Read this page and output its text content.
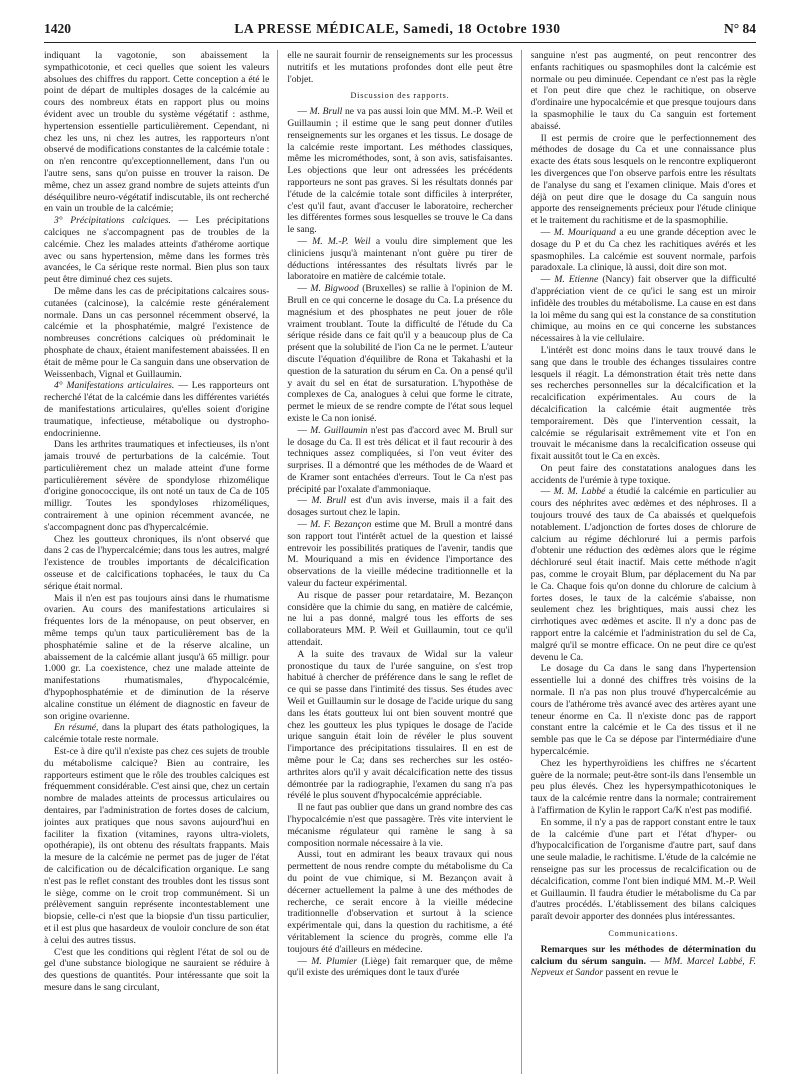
1420	LA PRESSE MÉDICALE, Samedi, 18 Octobre 1930	N° 84

indiquant la vagotonie, son abaissement la sympathicotonie, et ceci quelles que soient les valeurs absolues des chiffres du rapport. Cette conception a été le point de départ de multiples dosages de la calcémie au cours des nombreux états en rapport plus ou moins évident avec un trouble du système végétatif : asthme, hypertension essentielle particulièrement. Cependant, ni chez les uns, ni chez les autres, les rapporteurs n'ont observé de modifications constantes de la calcémie totale : on n'en rencontre qu'exceptionnellement, dans l'un ou l'autre sens, sans qu'on puisse en trouver la raison. De même, chez un assez grand nombre de sujets atteints d'un déséquilibre neuro-végétatif indiscutable, ils ont recherché en vain un trouble de la calcémie;

3° Précipitations calciques. — Les précipitations calciques ne s'accompagnent pas de troubles de la calcémie. Chez les malades atteints d'athérome aortique avec ou sans hypertension, même dans les formes très avancées, le Ca sérique reste normal. Bien plus son taux peut être diminué chez ces sujets.

De même dans les cas de précipitations calcaires sous-cutanées (calcinose), la calcémie reste généralement normale. Dans un cas personnel récemment observé, la calcémie et la phosphatémie, malgré l'existence de nombreuses concrétions calciques où prédominait le phosphate de chaux, étaient manifestement abaissées. Il en était de même pour le Ca sanguin dans une observation de Weissenbach, Vignal et Guillaumin.

4° Manifestations articulaires. — Les rapporteurs ont recherché l'état de la calcémie dans les différentes variétés de manifestations articulaires, qu'elles soient d'origine traumatique, infectieuse, métabolique ou dystropho-endocrinienne.

Dans les arthrites traumatiques et infectieuses, ils n'ont jamais trouvé de perturbations de la calcémie. Tout particulièrement chez un malade atteint d'une forme particulièrement sévère de spondylose rhizomélique d'origine gonococcique, ils ont noté un taux de Ca de 105 milligr. Toutes les spondyloses rhizoméliques, contrairement à une opinion récemment avancée, ne s'accompagnent donc pas d'hypercalcémie.

Chez les goutteux chroniques, ils n'ont observé que dans 2 cas de l'hypercalcémie; dans tous les autres, malgré l'existence de troubles importants de décalcification osseuse et de calcifications tophacées, le taux du Ca sérique était normal.

Mais il n'en est pas toujours ainsi dans le rhumatisme ovarien. Au cours des manifestations articulaires si fréquentes lors de la ménopause, on peut observer, en même temps qu'un taux particulièrement bas de la phosphatémie saline et de la réserve alcaline, un abaissement de la calcémie allant jusqu'à 65 milligr. pour 1.000 gr. La coexistence, chez une malade atteinte de manifestations rhumatismales, d'hypocalcémie, d'hypophosphatémie et de diminution de la réserve alcaline constitue un élément de diagnostic en faveur de son origine ovarienne.

En résumé, dans la plupart des états pathologiques, la calcémie totale reste normale.

Est-ce à dire qu'il n'existe pas chez ces sujets de trouble du métabolisme calcique? Bien au contraire, les rapporteurs estiment que le rôle des troubles calciques est fréquemment considérable. C'est ainsi que, chez un certain nombre de malades atteints de processus articulaires ou dentaires, par l'administration de fortes doses de calcium, jointes aux pratiques que nous savons aujourd'hui en faciliter la fixation (vitamines, rayons ultra-violets, opothérapie), ils ont obtenu des résultats frappants. Mais la mesure de la calcémie ne permet pas de juger de l'état de calcification ou de décalcification organique. Le sang n'est pas le reflet constant des troubles dont les tissus sont le siège, comme on le croit trop communément. Si un prélèvement sanguin représente incontestablement une biopsie, celle-ci n'est que la biopsie d'un tissu particulier, et il est plus que hasardeux de vouloir conclure de son état à celui des autres tissus.

C'est que les conditions qui règlent l'état de sol ou de gel d'une substance biologique ne sauraient se réduire à des questions de quantités. Pour intéressante que soit la mesure dans le sang circulant,

elle ne saurait fournir de renseignements sur les processus nutritifs et les mutations profondes dont elle peut être l'objet.

Discussion des rapports.

— M. Brull ne va pas aussi loin que MM. M.-P. Weil et Guillaumin ; il estime que le sang peut donner d'utiles renseignements sur les organes et les tissus. Le dosage de la calcémie reste important. Les méthodes classiques, même les microméthodes, sont, à son avis, satisfaisantes. Les objections que leur ont adressées les précédents rapporteurs ne sont pas graves. Si les résultats donnés par l'étude de la calcémie totale sont difficiles à interpréter, c'est qu'il faut, avant d'accuser le laboratoire, rechercher les différentes formes sous lesquelles se trouve le Ca dans le sang.

— M. M.-P. Weil a voulu dire simplement que les cliniciens jusqu'à maintenant n'ont guère pu tirer de déductions intéressantes des résultats livrés par le laboratoire en matière de calcémie totale.

— M. Bigwood (Bruxelles) se rallie à l'opinion de M. Brull en ce qui concerne le dosage du Ca. La présence du magnésium et des phosphates ne peut jouer de rôle vraiment troublant. Toute la difficulté de l'étude du Ca sérique réside dans ce fait qu'il y a beaucoup plus de Ca présent que la solubilité de l'ion Ca ne le permet. L'auteur discute l'équation d'équilibre de Rona et Takahashi et la question de la saturation du sérum en Ca. On a pensé qu'il y avait du sel en état de sursaturation. L'hypothèse de complexes de Ca, analogues à celui que forme le citrate, permet le mieux de se rendre compte de l'état sous lequel existe le Ca non ionisé.

— M. Guillaumin n'est pas d'accord avec M. Brull sur le dosage du Ca. Il est très délicat et il faut recourir à des techniques assez compliquées, si l'on veut éviter des surprises. Il a démontré que les méthodes de de Waard et de Kramer sont entachées d'erreurs. Tout le Ca n'est pas précipité par l'oxalate d'ammoniaque.

— M. Brull est d'un avis inverse, mais il a fait des dosages surtout chez le lapin.

— M. F. Bezançon estime que M. Brull a montré dans son rapport tout l'intérêt actuel de la question et laissé entrevoir les possibilités pratiques de l'avenir, tandis que M. Mouriquand a mis en évidence l'importance des observations de la vieille médecine traditionnelle et la valeur du facteur expérimental.

Au risque de passer pour retardataire, M. Bezançon considère que la chimie du sang, en matière de calcémie, ne lui a pas donné, malgré tous les efforts de ses collaborateurs MM. P. Weil et Guillaumin, tout ce qu'il attendait.

A la suite des travaux de Widal sur la valeur pronostique du taux de l'urée sanguine, on s'est trop habitué à chercher de préférence dans le sang le reflet de ce qui se passe dans l'intimité des tissus. Ses études avec Weil et Guillaumin sur le dosage de l'acide urique du sang dans les états goutteux lui ont bien souvent montré que chez les goutteux les plus typiques le dosage de l'acide urique sanguin était loin de révéler le plus souvent l'importance des précipitations tissulaires. Il en est de même pour le Ca; dans ses recherches sur les ostéo-arthrites alors qu'il y avait décalcification nette des tissus démontrée par la radiographie, l'examen du sang n'a pas révélé le plus souvent d'hypocalcémie appréciable.

Il ne faut pas oublier que dans un grand nombre des cas l'hypocalcémie n'est que passagère. Très vite intervient le mécanisme régulateur qui ramène le sang à sa composition normale nécessaire à la vie.

Aussi, tout en admirant les beaux travaux qui nous permettent de nous rendre compte du métabolisme du Ca du point de vue chimique, si M. Bezançon avait à décerner actuellement la palme à une des méthodes de recherche, ce serait encore à la vieille médecine traditionnelle d'observation et surtout à la science expérimentale qui, dans la question du rachitisme, a été véritablement la science du progrès, comme elle l'a toujours été d'ailleurs en médecine.

— M. Plumier (Liège) fait remarquer que, de même qu'il existe des urémiques dont le taux d'urée

sanguine n'est pas augmenté, on peut rencontrer des enfants rachitiques ou spasmophiles dont la calcémie est normale ou peu diminuée. Cependant ce n'est pas la règle et l'on peut dire que chez le rachitique, on observe d'ordinaire une hypocalcémie et que presque toujours dans la spasmophilie le taux du Ca sanguin est fortement abaissé.

Il est permis de croire que le perfectionnement des méthodes de dosage du Ca et une connaissance plus exacte des états sous lesquels on le rencontre expliqueront les divergences que l'on observe parfois entre les résultats de l'analyse du sang et l'examen clinique. Mais d'ores et déjà on peut dire que le dosage du Ca sanguin nous apporte des renseignements précieux pour l'étude clinique et le traitement du rachitisme et de la spasmophilie.

— M. Mouriquand a eu une grande déception avec le dosage du P et du Ca chez les rachitiques avérés et les spasmophiles. La calcémie est souvent normale, parfois paradoxale. La clinique, là aussi, doit dire son mot.

— M. Etienne (Nancy) fait observer que la difficulté d'appréciation vient de ce qu'ici le sang est un miroir infidèle des troubles du métabolisme. La cause en est dans la loi même du sang qui est la constance de sa constitution chimique, au moins en ce qui concerne les substances nécessaires à la vie cellulaire.

L'intérêt est donc moins dans le taux trouvé dans le sang que dans le trouble des échanges tissulaires contre lesquels il réagit. La démonstration était très nette dans ses recherches personnelles sur la décalcification et la recalcification expérimentales. Au cours de la décalcification la calcémie était augmentée très temporairement. Dès que l'intervention cessait, la calcémie se régularisait extrêmement vite et l'on en trouvait le mécanisme dans la recalcification osseuse qui fixait aussitôt tout le Ca en excès.

On peut faire des constatations analogues dans les accidents de l'urémie à type toxique.

— M. M. Labbé a étudié la calcémie en particulier au cours des néphrites avec œdèmes et des néphroses. Il a toujours trouvé des taux de Ca abaissés et quelquefois notablement. L'adjonction de fortes doses de chlorure de calcium au régime déchloruré lui a permis parfois d'obtenir une réduction des œdèmes alors que le régime déchloruré seul était inactif. Mais cette méthode n'agit pas, comme le croyait Blum, par déplacement du Na par le Ca. Chaque fois qu'on donne du chlorure de calcium à fortes doses, le taux de la calcémie s'abaisse, non seulement chez les brightiques, mais aussi chez les cirrhotiques avec œdèmes et ascite. Il n'y a donc pas de rapport entre la calcémie et l'administration du sel de Ca, malgré qu'il se montre efficace. On ne peut dire ce qu'est devenu le Ca.

Le dosage du Ca dans le sang dans l'hypertension essentielle lui a donné des chiffres très voisins de la normale. Il n'a pas non plus trouvé d'hypercalcémie au cours de l'athérome très avancé avec des artères ayant une teneur énorme en Ca. Il n'existe donc pas de rapport constant entre la calcémie et le Ca des tissus et il ne semble pas que le Ca se dépose par l'intermédiaire d'une hypercalcémie.

Chez les hyperthyroïdiens les chiffres ne s'écartent guère de la normale; peut-être sont-ils dans l'ensemble un peu plus élevés. Chez les hypersympathicotoniques le taux de la calcémie rentre dans la normale; contrairement à l'affirmation de Kylin le rapport Ca/K n'est pas modifié.

En somme, il n'y a pas de rapport constant entre le taux de la calcémie d'une part et l'état d'hyper- ou d'hypocalcification de l'organisme d'autre part, sauf dans une seule maladie, le rachitisme. L'étude de la calcémie ne renseigne pas sur les processus de recalcification ou de décalcification, comme l'ont bien indiqué MM. M.-P. Weil et Guillaumin. Il faudra étudier le métabolisme du Ca par d'autres procédés. L'établissement des bilans calciques paraît devoir apporter des données plus intéressantes.

Communications.

Remarques sur les méthodes de détermination du calcium du sérum sanguin. — MM. Marcel Labbé, F. Nepveux et Sandor passent en revue le
